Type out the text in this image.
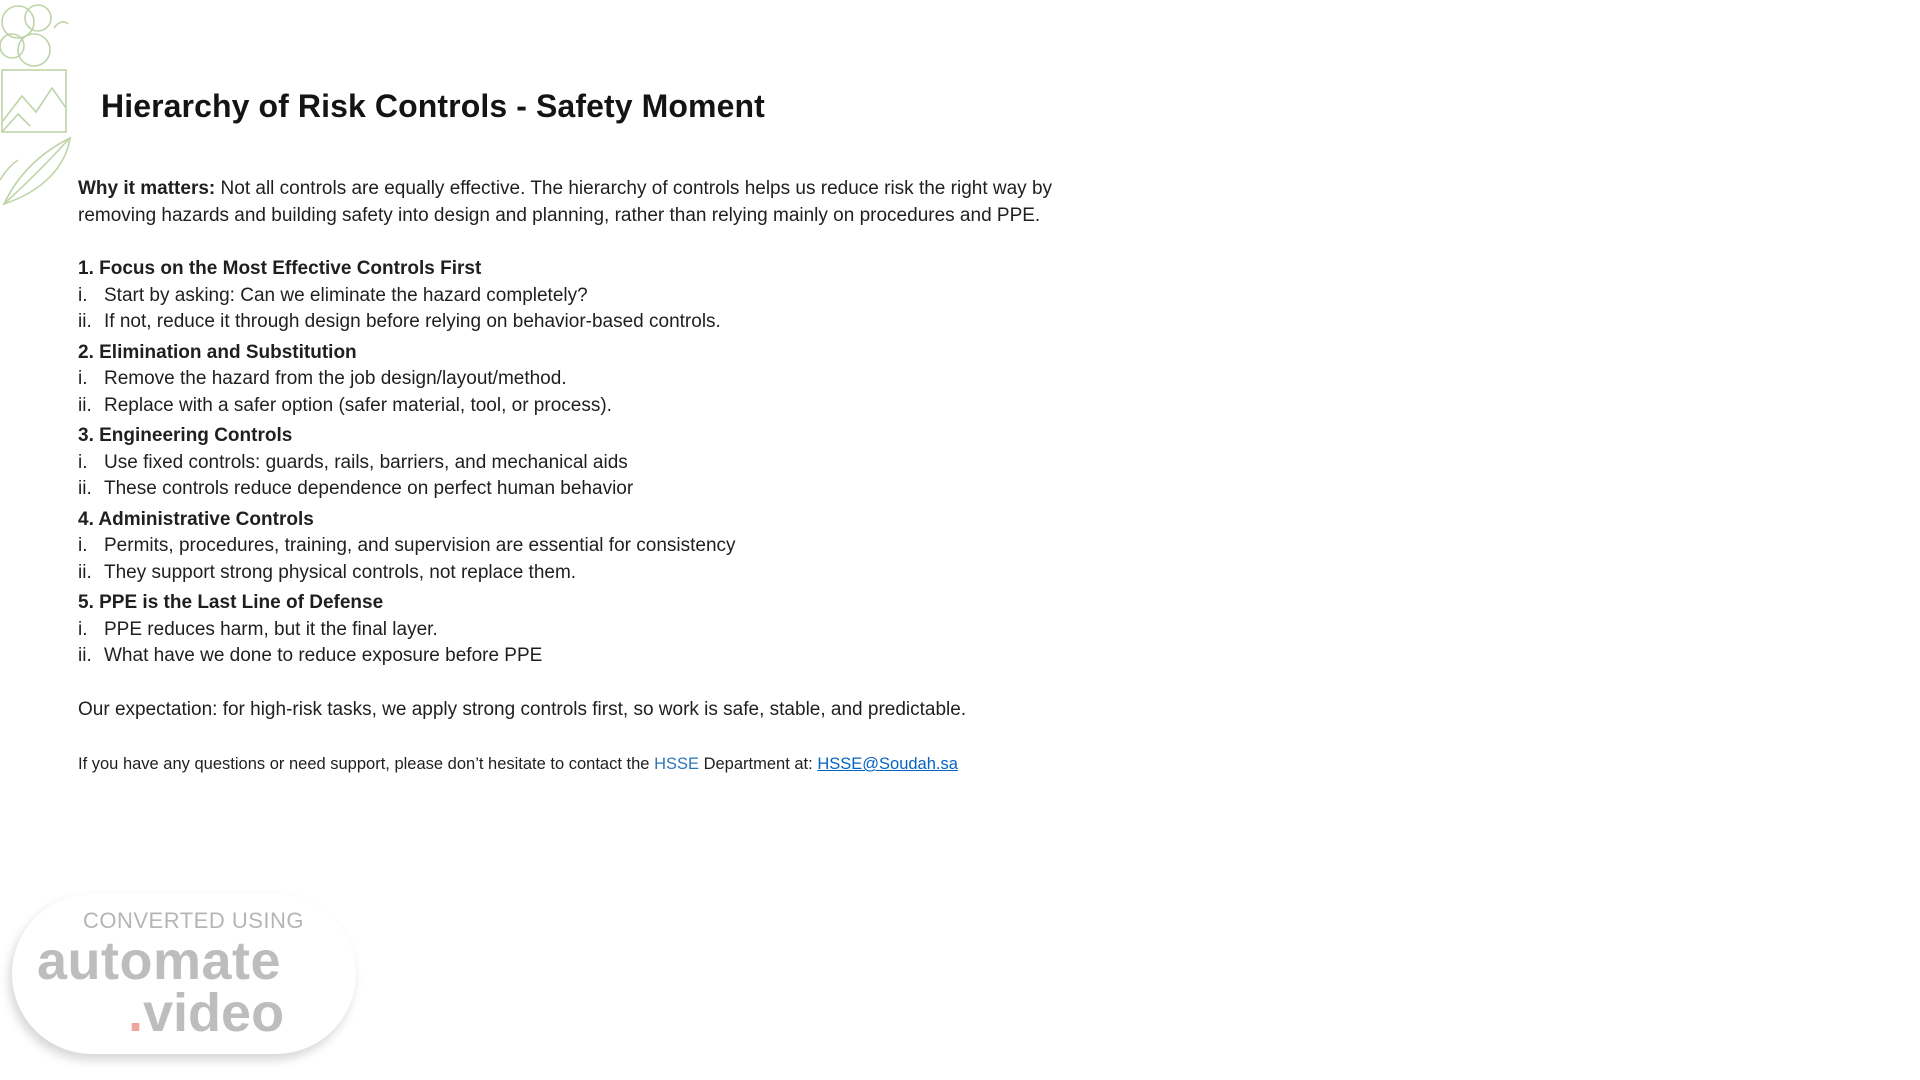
Hierarchy of Risk Controls - Safety Moment

Why it matters: Not all controls are equally effective. The hierarchy of controls helps us reduce risk the right way by removing hazards and building safety into design and planning, rather than relying mainly on procedures and PPE.

1. Focus on the Most Effective Controls First

i. Start by asking: Can we eliminate the hazard completely?

ii. If not, reduce it through design before relying on behavior-based controls.

2. Elimination and Substitution

i. Remove the hazard from the job design/layout/method.

ii. Replace with a safer option (safer material, tool, or process).

3. Engineering Controls

i. Use fixed controls: guards, rails, barriers, and mechanical aids

ii. These controls reduce dependence on perfect human behavior

4. Administrative Controls

i. Permits, procedures, training, and supervision are essential for consistency

ii. They support strong physical controls, not replace them.

5. PPE is the Last Line of Defense

i. PPE reduces harm, but it the final layer.

ii. What have we done to reduce exposure before PPE

Our expectation: for high-risk tasks, we apply strong controls first, so work is safe, stable, and predictable.

If you have any questions or need support, please don’t hesitate to contact the HSSE Department at: HSSE@Soudah.sa

CONVERTED USING
automate
.video
